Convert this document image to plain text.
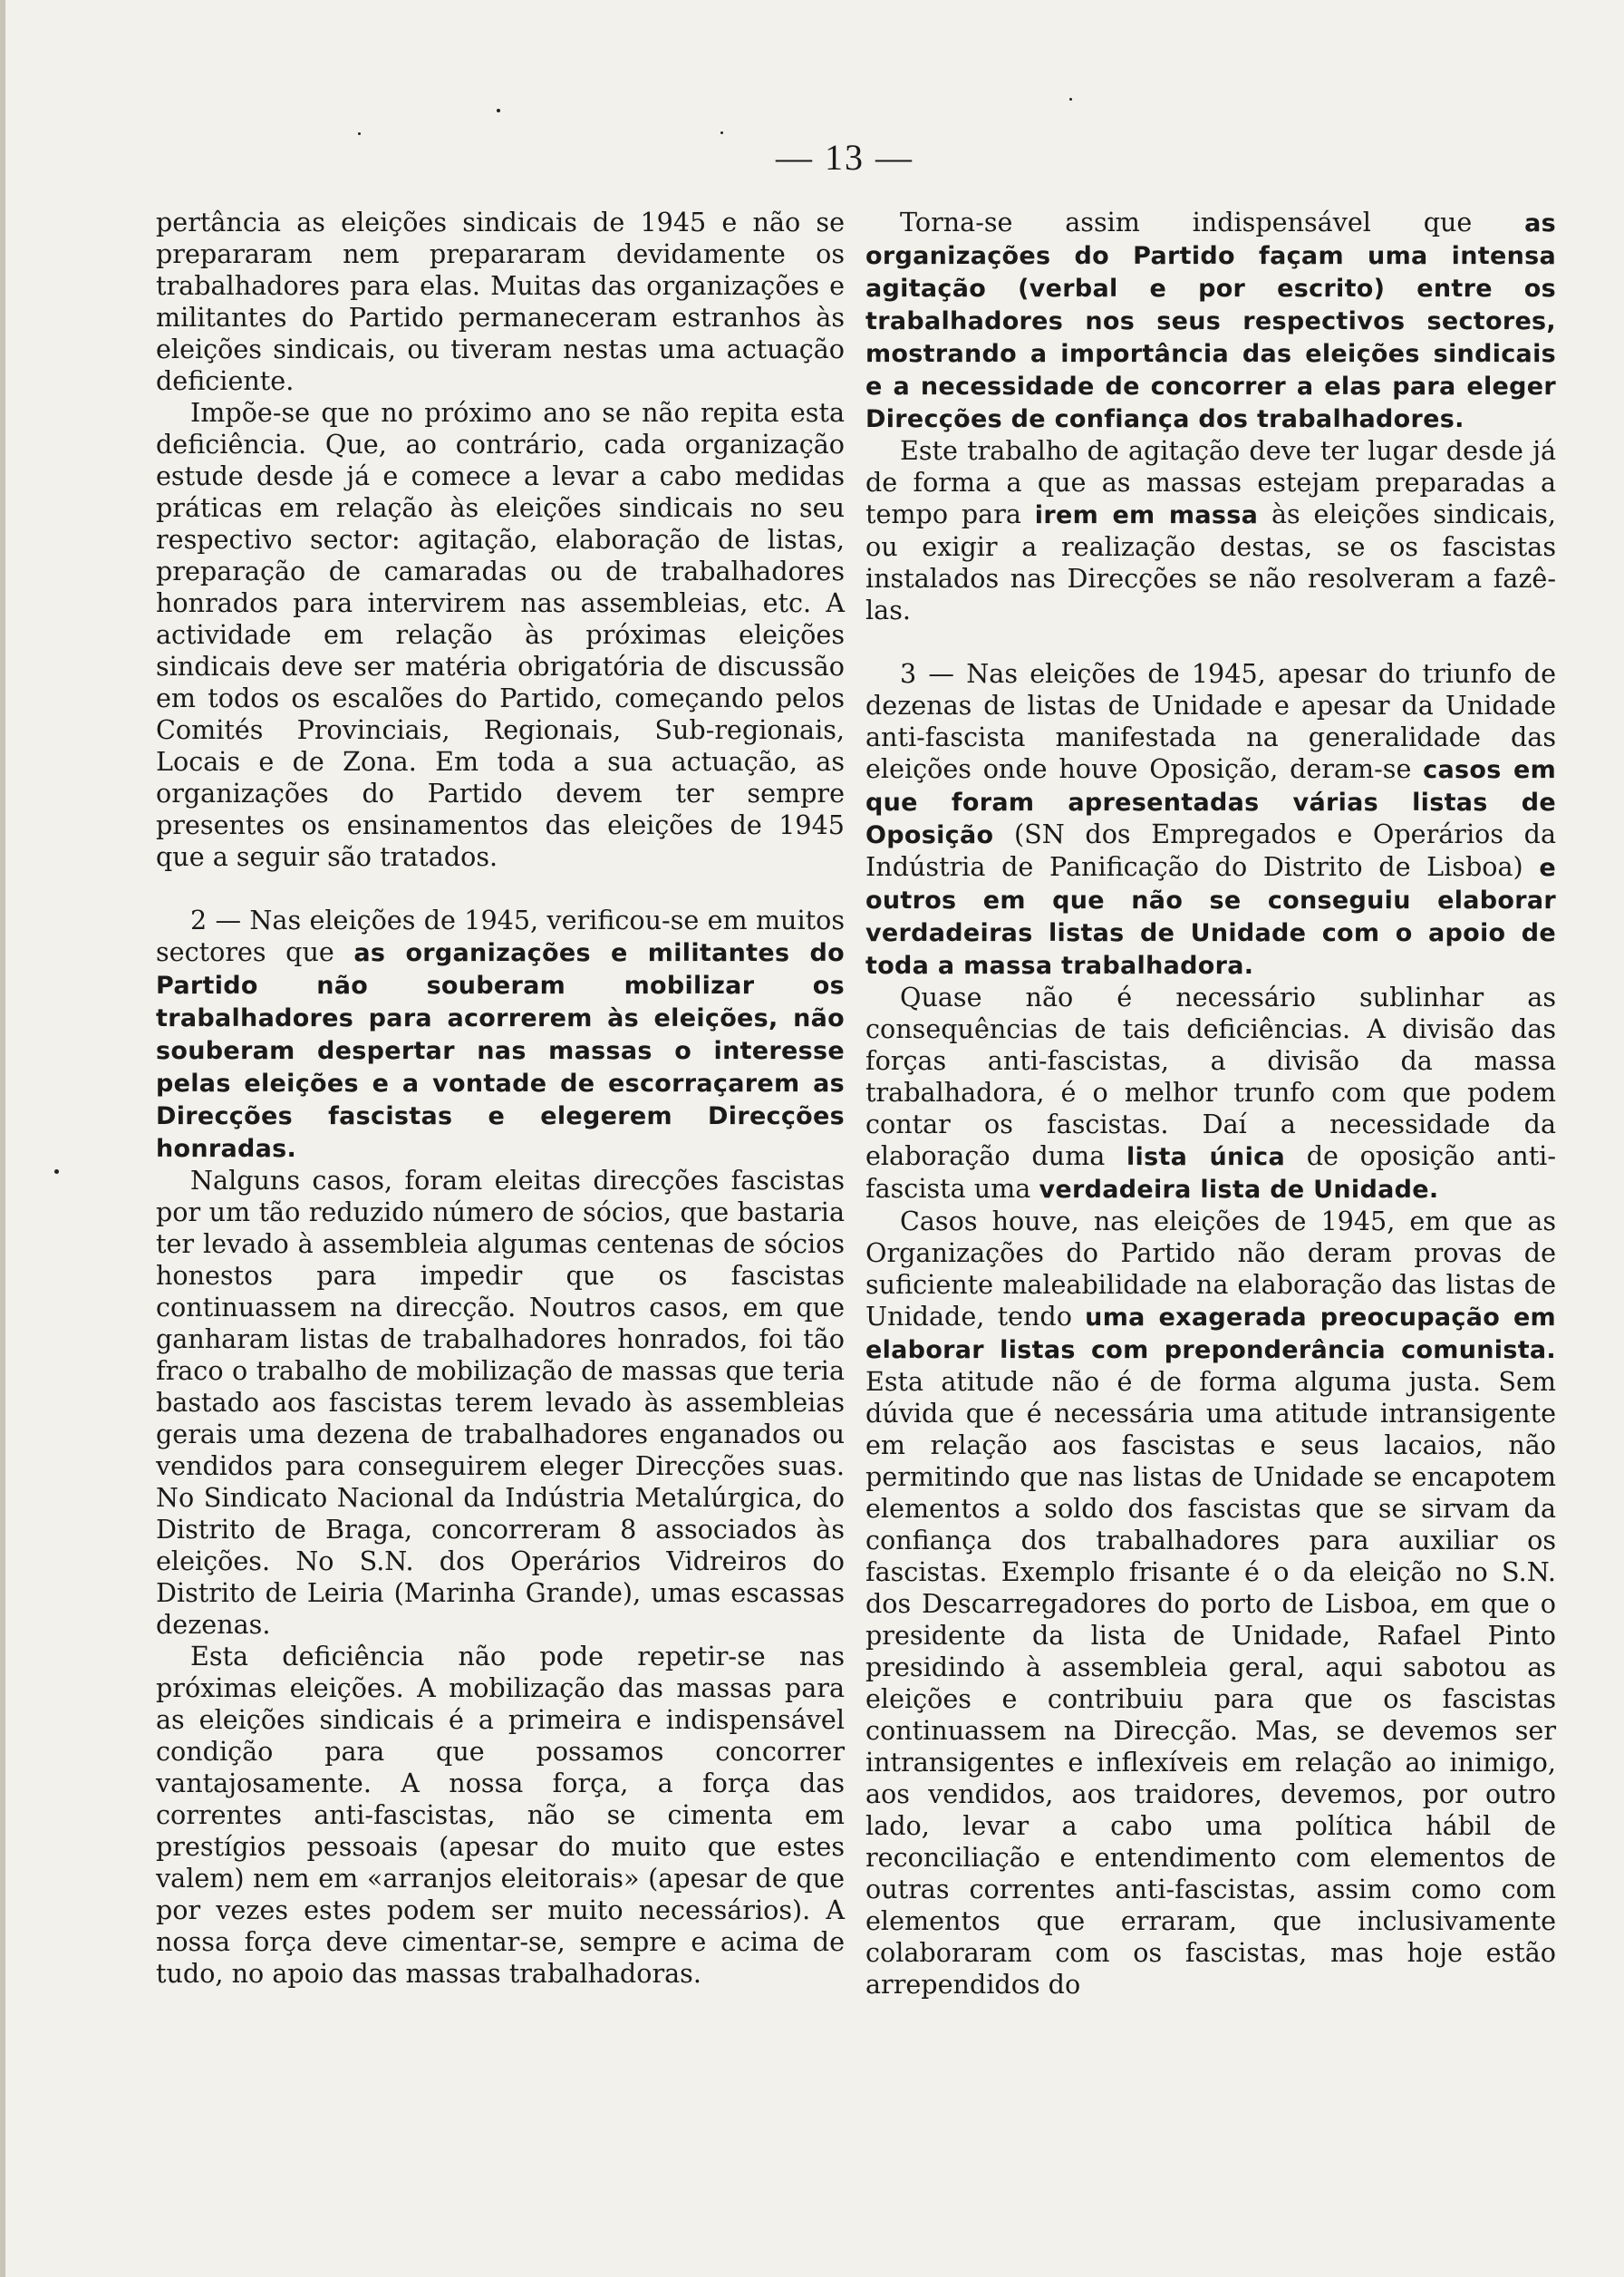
— 13 —

pertância as eleições sindicais de 1945 e não se prepararam nem prepararam devidamente os trabalhadores para elas. Muitas das organizações e militantes do Partido permaneceram estranhos às eleições sindicais, ou tiveram nestas uma actuação deficiente.

Impõe-se que no próximo ano se não repita esta deficiência. Que, ao contrário, cada organização estude desde já e comece a levar a cabo medidas práticas em relação às eleições sindicais no seu respectivo sector: agitação, elaboração de listas, preparação de camaradas ou de trabalhadores honrados para intervirem nas assembleias, etc. A actividade em relação às próximas eleições sindicais deve ser matéria obrigatória de discussão em todos os escalões do Partido, começando pelos Comités Provinciais, Regionais, Sub-regionais, Locais e de Zona. Em toda a sua actuação, as organizações do Partido devem ter sempre presentes os ensinamentos das eleições de 1945 que a seguir são tratados.

2 — Nas eleições de 1945, verificou-se em muitos sectores que as organizações e militantes do Partido não souberam mobilizar os trabalhadores para acorrerem às eleições, não souberam despertar nas massas o interesse pelas eleições e a vontade de escorraçarem as Direcções fascistas e elegerem Direcções honradas.

Nalguns casos, foram eleitas direcções fascistas por um tão reduzido número de sócios, que bastaria ter levado à assembleia algumas centenas de sócios honestos para impedir que os fascistas continuassem na direcção. Noutros casos, em que ganharam listas de trabalhadores honrados, foi tão fraco o trabalho de mobilização de massas que teria bastado aos fascistas terem levado às assembleias gerais uma dezena de trabalhadores enganados ou vendidos para conseguirem eleger Direcções suas. No Sindicato Nacional da Indústria Metalúrgica, do Distrito de Braga, concorreram 8 associados às eleições. No S.N. dos Operários Vidreiros do Distrito de Leiria (Marinha Grande), umas escassas dezenas.

Esta deficiência não pode repetir-se nas próximas eleições. A mobilização das massas para as eleições sindicais é a primeira e indispensável condição para que possamos concorrer vantajosamente. A nossa força, a força das correntes anti-fascistas, não se cimenta em prestígios pessoais (apesar do muito que estes valem) nem em «arranjos eleitorais» (apesar de que por vezes estes podem ser muito necessários). A nossa força deve cimentar-se, sempre e acima de tudo, no apoio das massas trabalhadoras.

Torna-se assim indispensável que as organizações do Partido façam uma intensa agitação (verbal e por escrito) entre os trabalhadores nos seus respectivos sectores, mostrando a importância das eleições sindicais e a necessidade de concorrer a elas para eleger Direcções de confiança dos trabalhadores.

Este trabalho de agitação deve ter lugar desde já de forma a que as massas estejam preparadas a tempo para irem em massa às eleições sindicais, ou exigir a realização destas, se os fascistas instalados nas Direcções se não resolveram a fazê-las.

3 — Nas eleições de 1945, apesar do triunfo de dezenas de listas de Unidade e apesar da Unidade anti-fascista manifestada na generalidade das eleições onde houve Oposição, deram-se casos em que foram apresentadas várias listas de Oposição (SN dos Empregados e Operários da Indústria de Panificação do Distrito de Lisboa) e outros em que não se conseguiu elaborar verdadeiras listas de Unidade com o apoio de toda a massa trabalhadora.

Quase não é necessário sublinhar as consequências de tais deficiências. A divisão das forças anti-fascistas, a divisão da massa trabalhadora, é o melhor trunfo com que podem contar os fascistas. Daí a necessidade da elaboração duma lista única de oposição anti-fascista uma verdadeira lista de Unidade.

Casos houve, nas eleições de 1945, em que as Organizações do Partido não deram provas de suficiente maleabilidade na elaboração das listas de Unidade, tendo uma exagerada preocupação em elaborar listas com preponderância comunista. Esta atitude não é de forma alguma justa. Sem dúvida que é necessária uma atitude intransigente em relação aos fascistas e seus lacaios, não permitindo que nas listas de Unidade se encapotem elementos a soldo dos fascistas que se sirvam da confiança dos trabalhadores para auxiliar os fascistas. Exemplo frisante é o da eleição no S.N. dos Descarregadores do porto de Lisboa, em que o presidente da lista de Unidade, Rafael Pinto presidindo à assembleia geral, aqui sabotou as eleições e contribuiu para que os fascistas continuassem na Direcção. Mas, se devemos ser intransigentes e inflexíveis em relação ao inimigo, aos vendidos, aos traidores, devemos, por outro lado, levar a cabo uma política hábil de reconciliação e entendimento com elementos de outras correntes anti-fascistas, assim como com elementos que erraram, que inclusivamente colaboraram com os fascistas, mas hoje estão arrependidos do
